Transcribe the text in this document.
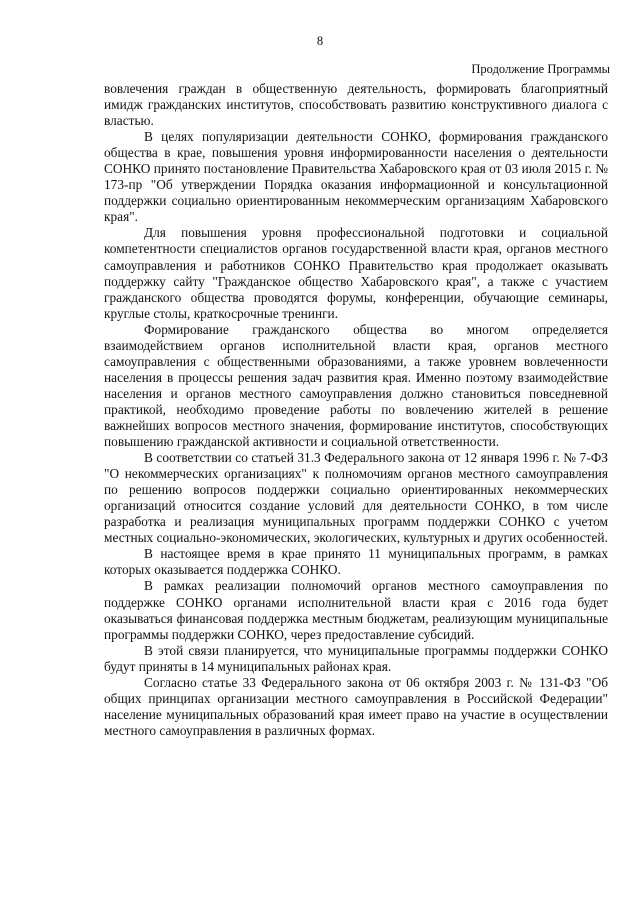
8
Продолжение Программы

вовлечения граждан в общественную деятельность, формировать благоприятный имидж гражданских институтов, способствовать развитию конструктивного диалога с властью.

В целях популяризации деятельности СОНКО, формирования гражданского общества в крае, повышения уровня информированности населения о деятельности СОНКО принято постановление Правительства Хабаровского края от 03 июля 2015 г. № 173-пр "Об утверждении Порядка оказания информационной и консультационной поддержки социально ориентированным некоммерческим организациям Хабаровского края".

Для повышения уровня профессиональной подготовки и социальной компетентности специалистов органов государственной власти края, органов местного самоуправления и работников СОНКО Правительство края продолжает оказывать поддержку сайту "Гражданское общество Хабаровского края", а также с участием гражданского общества проводятся форумы, конференции, обучающие семинары, круглые столы, краткосрочные тренинги.

Формирование гражданского общества во многом определяется взаимодействием органов исполнительной власти края, органов местного самоуправления с общественными образованиями, а также уровнем вовлеченности населения в процессы решения задач развития края. Именно поэтому взаимодействие населения и органов местного самоуправления должно становиться повседневной практикой, необходимо проведение работы по вовлечению жителей в решение важнейших вопросов местного значения, формирование институтов, способствующих повышению гражданской активности и социальной ответственности.

В соответствии со статьей 31.3 Федерального закона от 12 января 1996 г. № 7-ФЗ "О некоммерческих организациях" к полномочиям органов местного самоуправления по решению вопросов поддержки социально ориентированных некоммерческих организаций относится создание условий для деятельности СОНКО, в том числе разработка и реализация муниципальных программ поддержки СОНКО с учетом местных социально-экономических, экологических, культурных и других особенностей.

В настоящее время в крае принято 11 муниципальных программ, в рамках которых оказывается поддержка СОНКО.

В рамках реализации полномочий органов местного самоуправления по поддержке СОНКО органами исполнительной власти края с 2016 года будет оказываться финансовая поддержка местным бюджетам, реализующим муниципальные программы поддержки СОНКО, через предоставление субсидий.

В этой связи планируется, что муниципальные программы поддержки СОНКО будут приняты в 14 муниципальных районах края.

Согласно статье 33 Федерального закона от 06 октября 2003 г. № 131-ФЗ "Об общих принципах организации местного самоуправления в Российской Федерации" население муниципальных образований края имеет право на участие в осуществлении местного самоуправления в различных формах.
